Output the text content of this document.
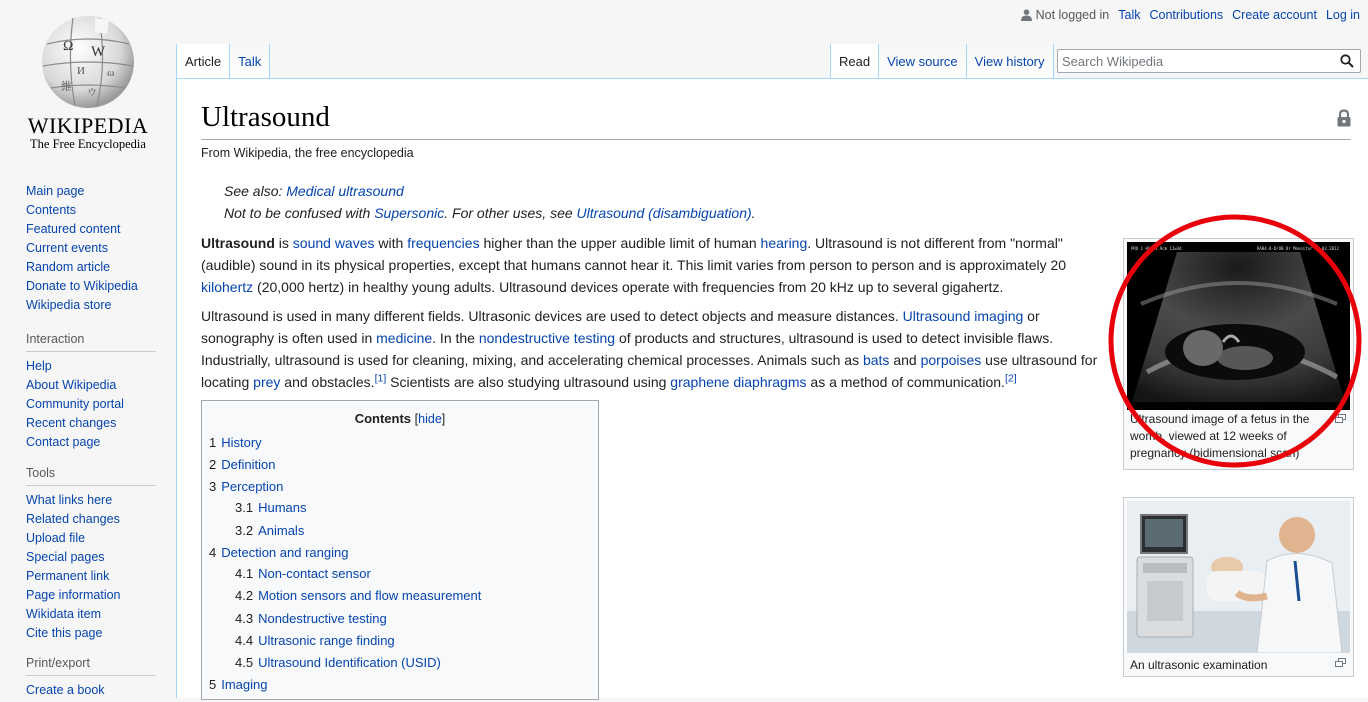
Ω W
И ω
維
ウ
WIKIPEDIA
The Free Encyclopedia
Main page
Contents
Featured content
Current events
Random article
Donate to Wikipedia
Wikipedia store
Interaction
Help
About Wikipedia
Community portal
Recent changes
Contact page
Tools
What links here
Related changes
Upload file
Special pages
Permanent link
Page information
Wikidata item
Cite this page
Print/export
Create a book
Not logged in Talk Contributions Create account Log in
Article	Talk	Read	View source	View history
Search Wikipedia
Ultrasound
From Wikipedia, the free encyclopedia
See also: Medical ultrasound
Not to be confused with Supersonic. For other uses, see Ultrasound (disambiguation).

Ultrasound is sound waves with frequencies higher than the upper audible limit of human hearing. Ultrasound is not different from "normal" (audible) sound in its physical properties, except that humans cannot hear it. This limit varies from person to person and is approximately 20 kilohertz (20,000 hertz) in healthy young adults. Ultrasound devices operate with frequencies from 20 kHz up to several gigahertz.

Ultrasound is used in many different fields. Ultrasonic devices are used to detect objects and measure distances. Ultrasound imaging or sonography is often used in medicine. In the nondestructive testing of products and structures, ultrasound is used to detect invisible flaws. Industrially, ultrasound is used for cleaning, mixing, and accelerating chemical processes. Animals such as bats and porpoises use ultrasound for locating prey and obstacles.[1] Scientists are also studying ultrasound using graphene diaphragms as a method of communication.[2]

Contents [hide]
1 History
2 Definition
3 Perception
3.1 Humans
3.2 Animals
4 Detection and ranging
4.1 Non-contact sensor
4.2 Motion sensors and flow measurement
4.3 Nondestructive testing
4.4 Ultrasonic range finding
4.5 Ultrasound Identification (USID)
5 Imaging
PRO 1 HSS 1.9cm 12w3d	RAB4-8-D/OB Dr Monoitor 02.02.2012
Ultrasound image of a fetus in the womb, viewed at 12 weeks of pregnancy (bidimensional scan)
An ultrasonic examination
